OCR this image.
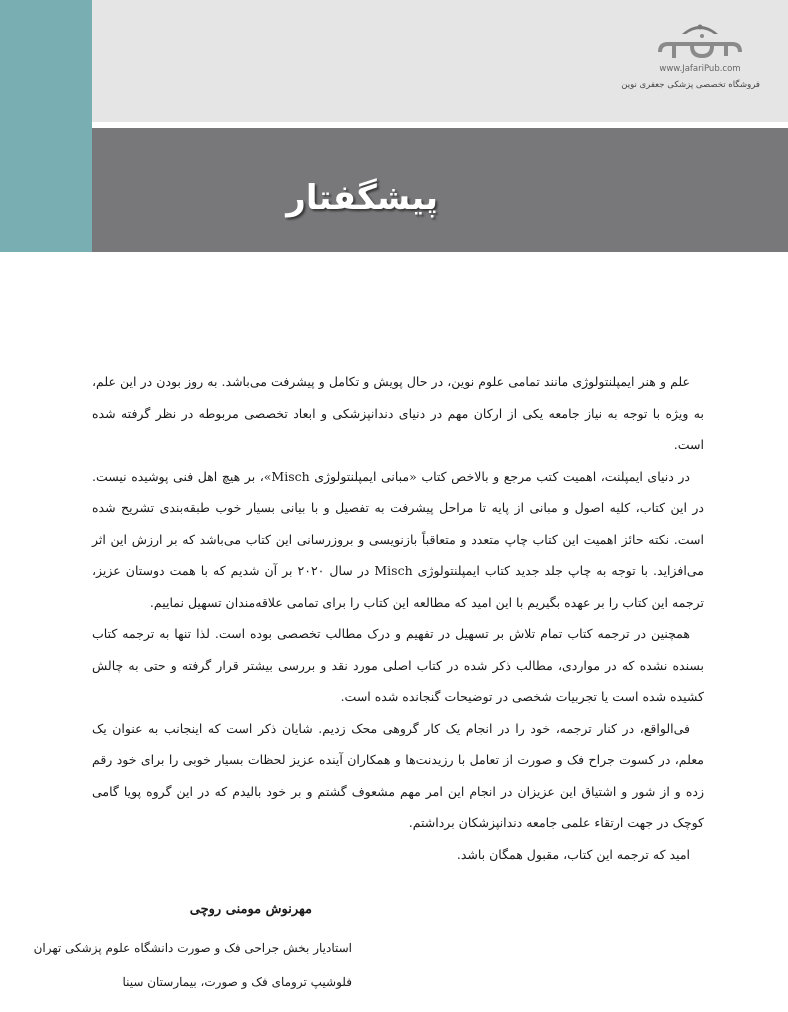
www.JafariPub.com
فروشگاه تخصصی پزشکی جعفری نوین
پیشگفتار

علم و هنر ایمپلنتولوژی مانند تمامی علوم نوین، در حال پویش و تکامل و پیشرفت می‌باشد. به روز بودن در این علم، به ویژه با توجه به نیاز جامعه یکی از ارکان مهم در دنیای دندانپزشکی و ابعاد تخصصی مربوطه در نظر گرفته شده است.

در دنیای ایمپلنت، اهمیت کتب مرجع و بالاخص کتاب «مبانی ایمپلنتولوژی Misch»، بر هیچ اهل فنی پوشیده نیست. در این کتاب، کلیه اصول و مبانی از پایه تا مراحل پیشرفت به تفصیل و با بیانی بسیار خوب طبقه‌بندی تشریح شده است. نکته حائز اهمیت این کتاب چاپ متعدد و متعاقباً بازنویسی و بروزرسانی این کتاب می‌باشد که بر ارزش این اثر می‌افزاید. با توجه به چاپ جلد جدید کتاب ایمپلنتولوژی Misch در سال ۲۰۲۰ بر آن شدیم که با همت دوستان عزیز، ترجمه این کتاب را بر عهده بگیریم با این امید که مطالعه این کتاب را برای تمامی علاقه‌مندان تسهیل نماییم.

همچنین در ترجمه کتاب تمام تلاش بر تسهیل در تفهیم و درک مطالب تخصصی بوده است. لذا تنها به ترجمه کتاب بسنده نشده که در مواردی، مطالب ذکر شده در کتاب اصلی مورد نقد و بررسی بیشتر قرار گرفته و حتی به چالش کشیده شده است یا تجربیات شخصی در توضیحات گنجانده شده است.

فی‌الواقع، در کنار ترجمه، خود را در انجام یک کار گروهی محک زدیم. شایان ذکر است که اینجانب به عنوان یک معلم، در کسوت جراح فک و صورت از تعامل با رزیدنت‌ها و همکاران آینده عزیز لحظات بسیار خوبی را برای خود رقم زده و از شور و اشتیاق این عزیزان در انجام این امر مهم مشعوف گشتم و بر خود بالیدم که در این گروه پویا گامی کوچک در جهت ارتقاء علمی جامعه دندانپزشکان برداشتم.

امید که ترجمه این کتاب، مقبول همگان باشد.

مهرنوش مومنی روچی
استادیار بخش جراحی فک و صورت دانشگاه علوم پزشکی تهران
فلوشیپ ترومای فک و صورت، بیمارستان سینا
